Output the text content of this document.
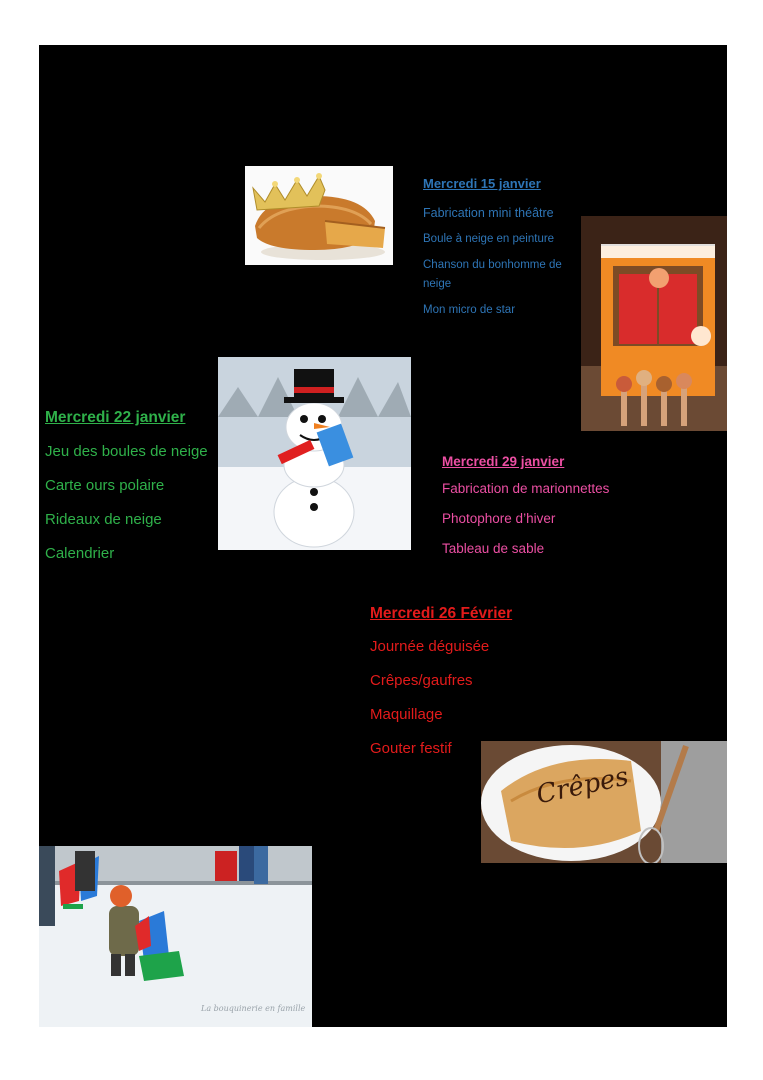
Crêpes
La bouquinerie en famille

Mercredi 15 janvier

Fabrication mini théâtre

Boule à neige en peinture

Chanson du bonhomme de neige

Mon micro de star

Mercredi 22 janvier

Jeu des boules de neige

Carte ours polaire

Rideaux de neige

Calendrier

Mercredi 29 janvier

Fabrication de marionnettes

Photophore d’hiver

Tableau de sable

Mercredi 26 Février

Journée déguisée

Crêpes/gaufres

Maquillage

Gouter festif
